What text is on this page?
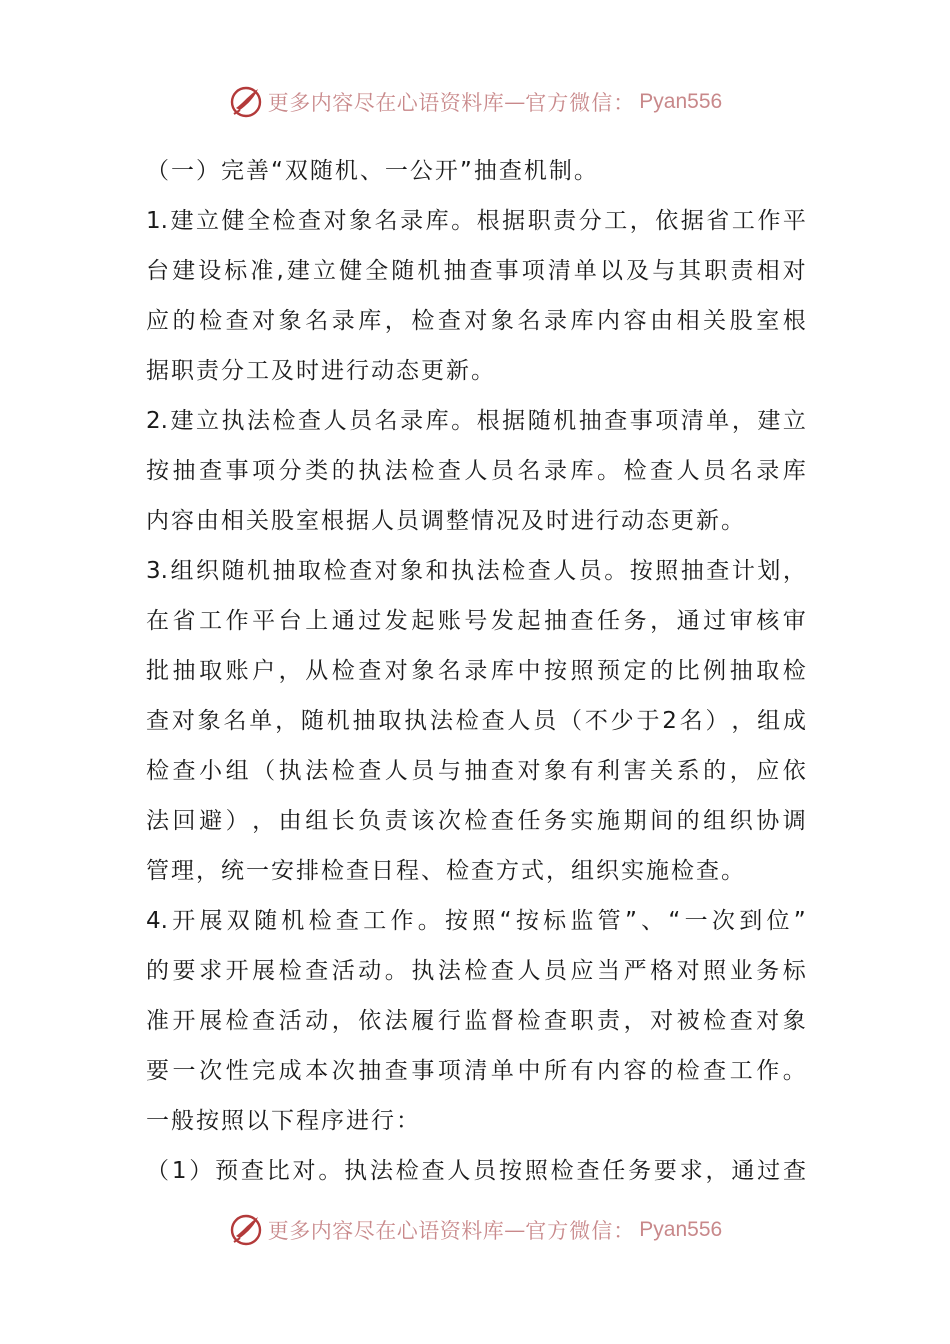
更多内容尽在心语资料库 — 官方微信： Pyan556
（一）完善“双随机、一公开”抽查机制。
1. 建 立 健 全 检 查 对 象 名 录 库 。 根 据 职 责 分 工 ， 依 据 省 工 作 平
台 建 设 标 准 , 建 立 健 全 随 机 抽 查 事 项 清 单 以 及 与 其 职 责 相 对
应 的 检 查 对 象 名 录 库 ， 检 查 对 象 名 录 库 内 容 由 相 关 股 室 根
据职责分工及时进行动态更新。
2. 建 立 执 法 检 查 人 员 名 录 库 。 根 据 随 机 抽 查 事 项 清 单 ， 建 立
按 抽 查 事 项 分 类 的 执 法 检 查 人 员 名 录 库 。 检 查 人 员 名 录 库
内容由相关股室根据人员调整情况及时进行动态更新。
3. 组 织 随 机 抽 取 检 查 对 象 和 执 法 检 查 人 员 。 按 照 抽 查 计 划 ，
在 省 工 作 平 台 上 通 过 发 起 账 号 发 起 抽 查 任 务 ， 通 过 审 核 审
批 抽 取 账 户 ， 从 检 查 对 象 名 录 库 中 按 照 预 定 的 比 例 抽 取 检
查 对 象 名 单 ， 随 机 抽 取 执 法 检 查 人 员 （ 不 少 于 2 名 ） ， 组 成
检 查 小 组 （ 执 法 检 查 人 员 与 抽 查 对 象 有 利 害 关 系 的 ， 应 依
法 回 避 ） ， 由 组 长 负 责 该 次 检 查 任 务 实 施 期 间 的 组 织 协 调
管理，统一安排检查日程、检查方式，组织实施检查。
4. 开 展 双 随 机 检 查 工 作 。 按 照 “ 按 标 监 管 ” 、 “ 一 次 到 位 ”
的 要 求 开 展 检 查 活 动 。 执 法 检 查 人 员 应 当 严 格 对 照 业 务 标
准 开 展 检 查 活 动 ， 依 法 履 行 监 督 检 查 职 责 ， 对 被 检 查 对 象
要 一 次 性 完 成 本 次 抽 查 事 项 清 单 中 所 有 内 容 的 检 查 工 作 。
一般按照以下程序进行：
（ 1 ） 预 查 比 对 。 执 法 检 查 人 员 按 照 检 查 任 务 要 求 ， 通 过 查
更多内容尽在心语资料库 — 官方微信： Pyan556
